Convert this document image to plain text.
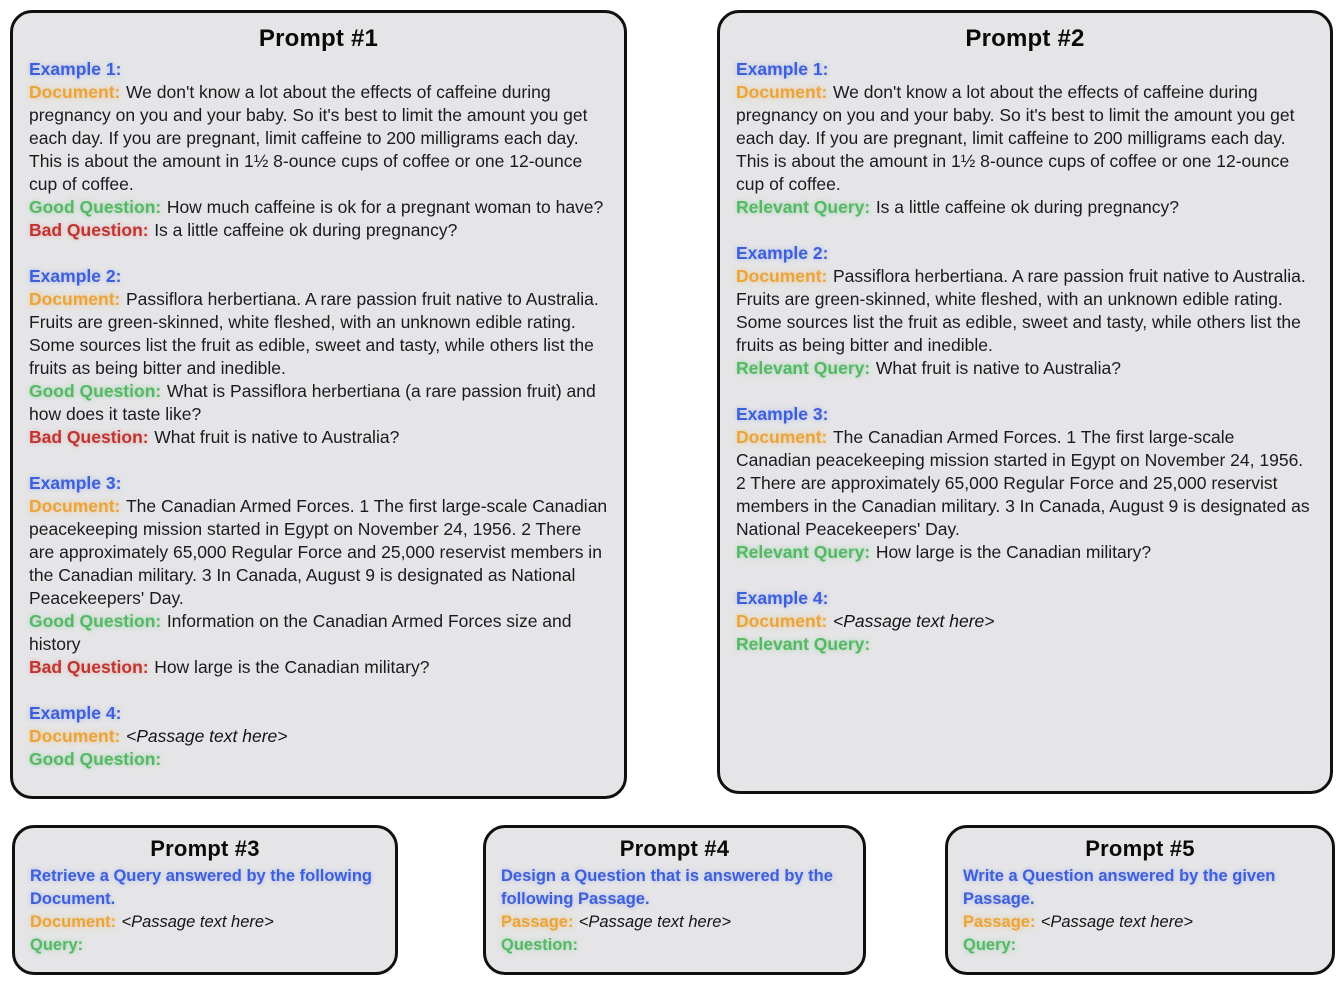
Prompt #1

Example 1:

Document: We don't know a lot about the effects of caffeine during pregnancy on you and your baby. So it's best to limit the amount you get each day. If you are pregnant, limit caffeine to 200 milligrams each day. This is about the amount in 1½ 8-ounce cups of coffee or one 12-ounce cup of coffee.

Good Question: How much caffeine is ok for a pregnant woman to have?

Bad Question: Is a little caffeine ok during pregnancy?

Example 2:

Document: Passiflora herbertiana. A rare passion fruit native to Australia. Fruits are green-skinned, white fleshed, with an unknown edible rating. Some sources list the fruit as edible, sweet and tasty, while others list the fruits as being bitter and inedible.

Good Question: What is Passiflora herbertiana (a rare passion fruit) and how does it taste like?

Bad Question: What fruit is native to Australia?

Example 3:

Document: The Canadian Armed Forces. 1 The first large-scale Canadian peacekeeping mission started in Egypt on November 24, 1956. 2 There are approximately 65,000 Regular Force and 25,000 reservist members in the Canadian military. 3 In Canada, August 9 is designated as National Peacekeepers' Day.

Good Question: Information on the Canadian Armed Forces size and history

Bad Question: How large is the Canadian military?

Example 4:

Document: <Passage text here>

Good Question:

Prompt #2

Example 1:

Document: We don't know a lot about the effects of caffeine during pregnancy on you and your baby. So it's best to limit the amount you get each day. If you are pregnant, limit caffeine to 200 milligrams each day. This is about the amount in 1½ 8-ounce cups of coffee or one 12-ounce cup of coffee.

Relevant Query: Is a little caffeine ok during pregnancy?

Example 2:

Document: Passiflora herbertiana. A rare passion fruit native to Australia. Fruits are green-skinned, white fleshed, with an unknown edible rating. Some sources list the fruit as edible, sweet and tasty, while others list the fruits as being bitter and inedible.

Relevant Query: What fruit is native to Australia?

Example 3:

Document: The Canadian Armed Forces. 1 The first large-scale Canadian peacekeeping mission started in Egypt on November 24, 1956. 2 There are approximately 65,000 Regular Force and 25,000 reservist members in the Canadian military. 3 In Canada, August 9 is designated as National Peacekeepers' Day.

Relevant Query: How large is the Canadian military?

Example 4:

Document: <Passage text here>

Relevant Query:

Prompt #3

Retrieve a Query answered by the following Document.

Document: <Passage text here>

Query:

Prompt #4

Design a Question that is answered by the following Passage.

Passage: <Passage text here>

Question:

Prompt #5

Write a Question answered by the given Passage.

Passage: <Passage text here>

Query:
